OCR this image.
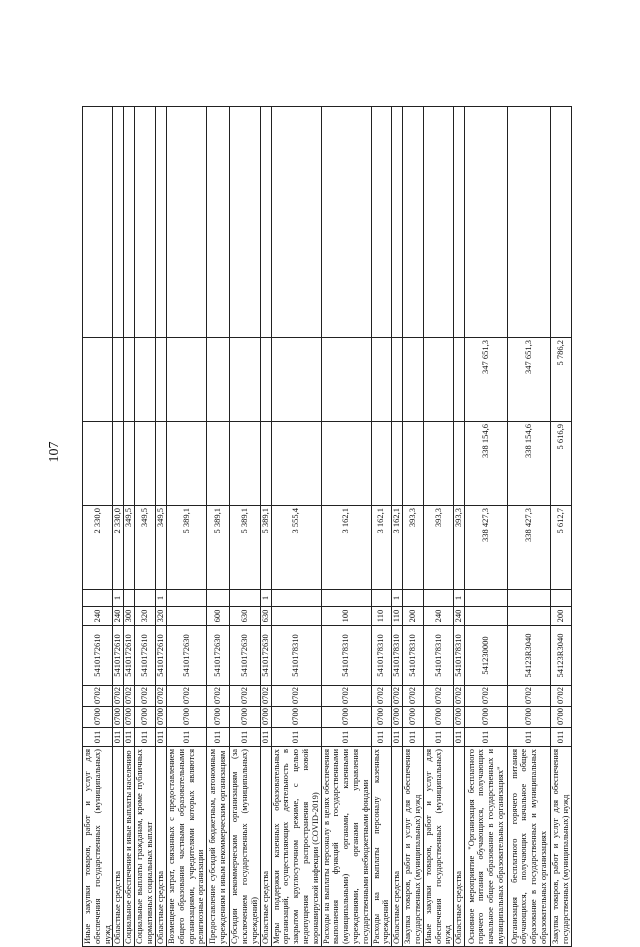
107
Иные закупки товаров, работ и услуг для обеспечения государственных (муниципальных) нужд	011	0700	0702	5410172610	240		2 330,0			
Областные средства	011	0700	0702	5410172610	240	1	2 330,0			
Социальное обеспечение и иные выплаты населению	011	0700	0702	5410172610	300		349,5			
Социальные выплаты гражданам, кроме публичных нормативных социальных выплат	011	0700	0702	5410172610	320		349,5			
Областные средства	011	0700	0702	5410172610	320	1	349,5			
Возмещение затрат, связанных с предоставлением общего образования частными образовательными организациями, учредителями которых являются религиозные организации	011	0700	0702	5410172630			5 389,1			
Предоставление субсидий бюджетным, автономным учреждениям и иным некоммерческим организациям	011	0700	0702	5410172630	600		5 389,1			
Субсидии некоммерческим организациям (за исключением государственных (муниципальных) учреждений)	011	0700	0702	5410172630	630		5 389,1			
Областные средства	011	0700	0702	5410172630	630	1	5 389,1			
Меры поддержки казенных образовательных организаций, осуществляющих деятельность в закрытом круглосуточном режиме, с целью недопущения распространения новой коронавирусной инфекции (COVID-2019)	011	0700	0702	5410178310			3 555,4			
Расходы на выплаты персоналу в целях обеспечения выполнения функций государственными (муниципальными) органами, казенными учреждениями, органами управления государственными внебюджетными фондами	011	0700	0702	5410178310	100		3 162,1			
Расходы на выплаты персоналу казенных учреждений	011	0700	0702	5410178310	110		3 162,1			
Областные средства	011	0700	0702	5410178310	110	1	3 162,1			
Закупка товаров, работ и услуг для обеспечения государственных (муниципальных) нужд	011	0700	0702	5410178310	200		393,3			
Иные закупки товаров, работ и услуг для обеспечения государственных (муниципальных) нужд	011	0700	0702	5410178310	240		393,3			
Областные средства	011	0700	0702	5410178310	240	1	393,3			
Основное мероприятие "Организация бесплатного горячего питания обучающихся, получающих начальное общее образование в государственных и муниципальных образовательных организациях"	011	0700	0702	541230000			338 427,3	338 154,6	347 651,3	
Организация бесплатного горячего питания обучающихся, получающих начальное общее образование в государственных и муниципальных образовательных организациях	011	0700	0702	54123R3040			338 427,3	338 154,6	347 651,3	
Закупка товаров, работ и услуг для обеспечения государственных (муниципальных) нужд	011	0700	0702	54123R3040	200		5 612,7	5 616,9	5 786,2	
